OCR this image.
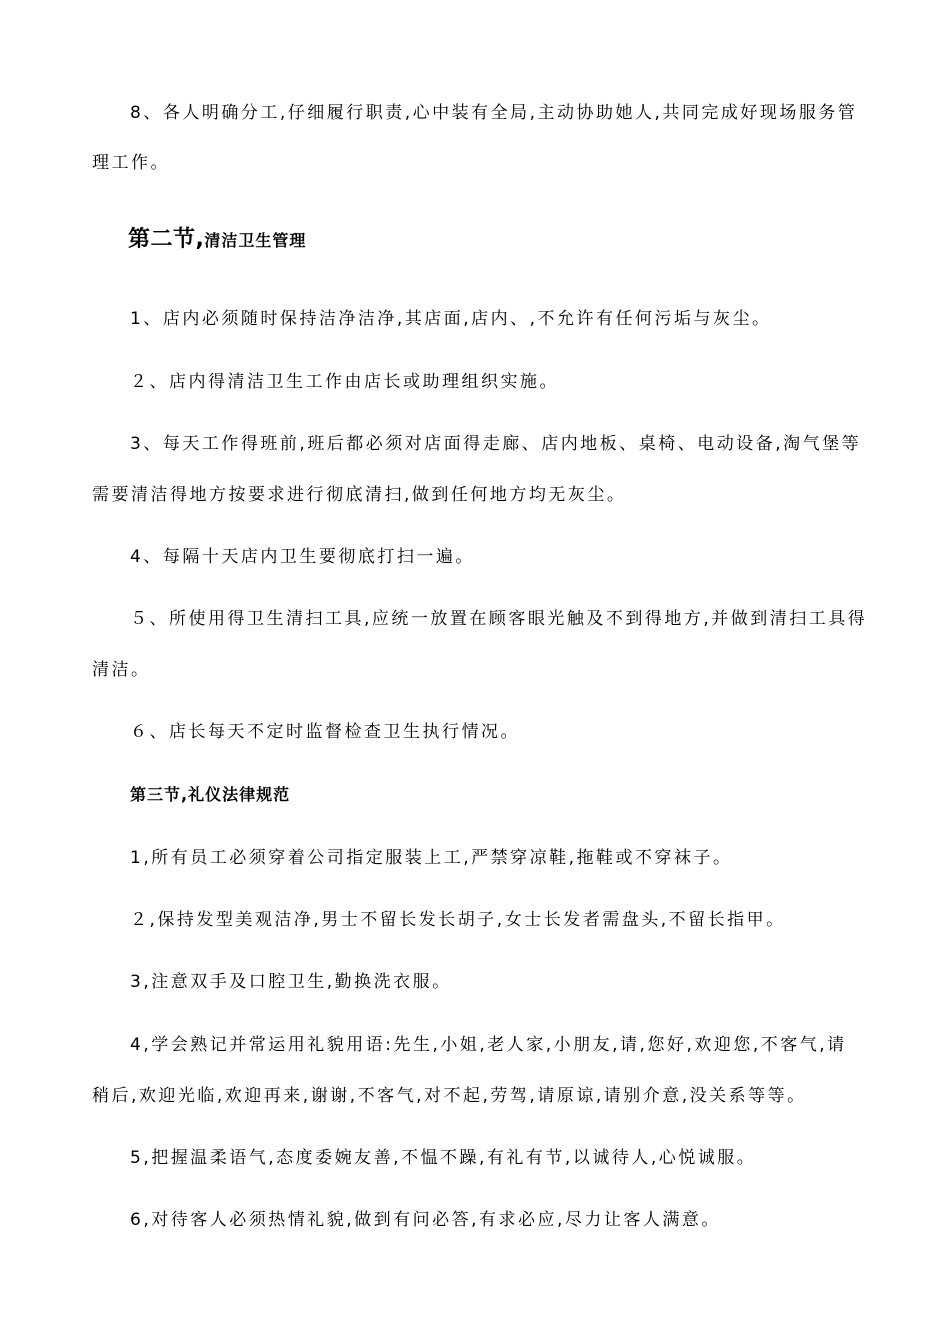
8、各人明确分工,仔细履行职责,心中装有全局,主动协助她人,共同完成好现场服务管
理工作。
第二节,清洁卫生管理
1、店内必须随时保持洁净洁净,其店面,店内、,不允许有任何污垢与灰尘。
２、店内得清洁卫生工作由店长或助理组织实施。
3、每天工作得班前,班后都必须对店面得走廊、店内地板、桌椅、电动设备,淘气堡等
需要清洁得地方按要求进行彻底清扫,做到任何地方均无灰尘。
4、每隔十天店内卫生要彻底打扫一遍。
５、所使用得卫生清扫工具,应统一放置在顾客眼光触及不到得地方,并做到清扫工具得
清洁。
６、店长每天不定时监督检查卫生执行情况。
第三节,礼仪法律规范
1,所有员工必须穿着公司指定服装上工,严禁穿凉鞋,拖鞋或不穿袜子。
２,保持发型美观洁净,男士不留长发长胡子,女士长发者需盘头,不留长指甲。
3,注意双手及口腔卫生,勤换洗衣服。
4,学会熟记并常运用礼貌用语:先生,小姐,老人家,小朋友,请,您好,欢迎您,不客气,请
稍后,欢迎光临,欢迎再来,谢谢,不客气,对不起,劳驾,请原谅,请别介意,没关系等等。
5,把握温柔语气,态度委婉友善,不愠不躁,有礼有节,以诚待人,心悦诚服。
6,对待客人必须热情礼貌,做到有问必答,有求必应,尽力让客人满意。
